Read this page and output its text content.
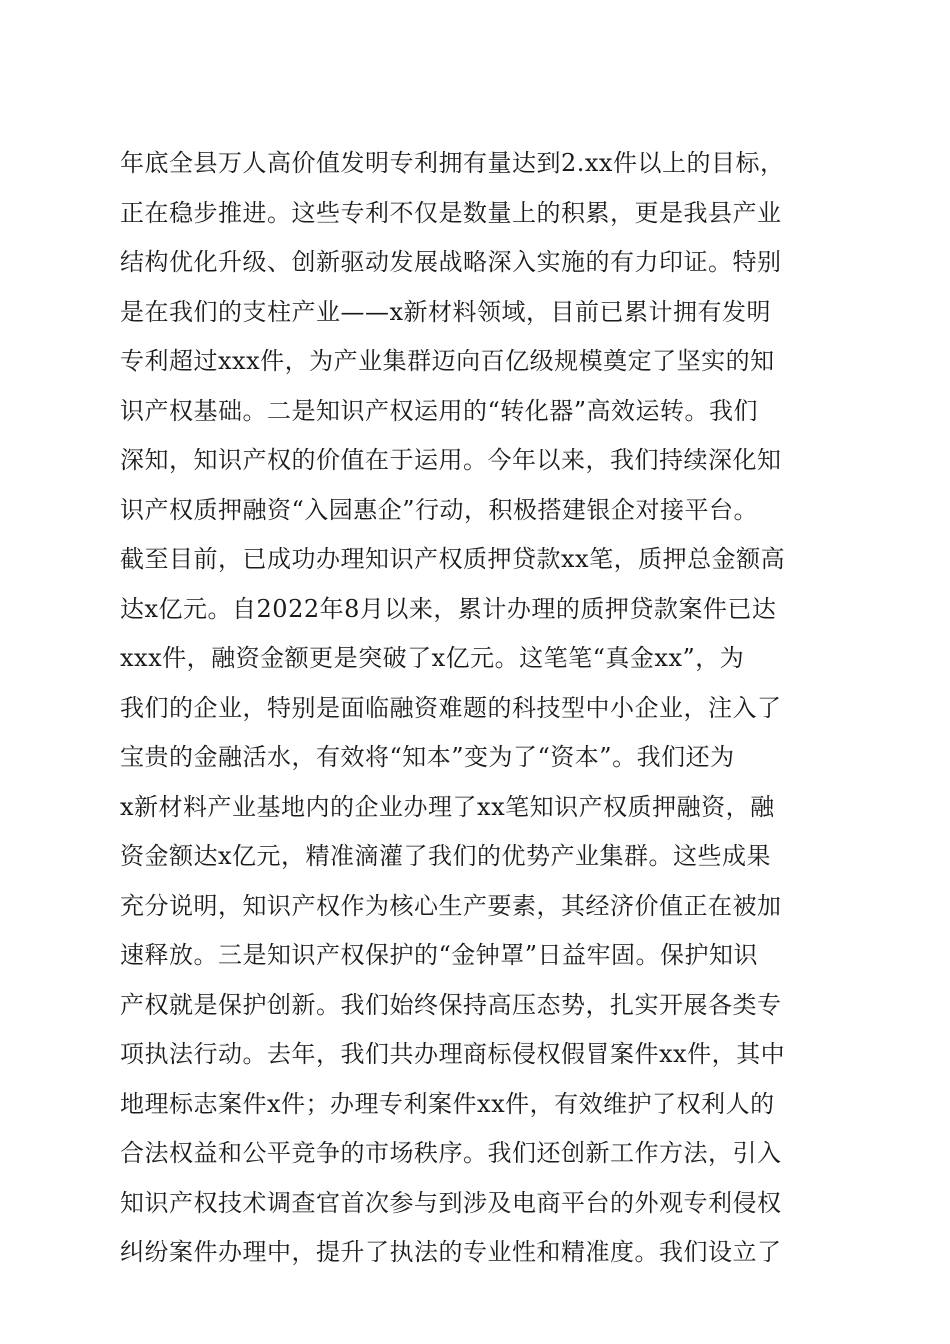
年底全县万人高价值发明专利拥有量达到2.xx件以上的目标，
正在稳步推进。这些专利不仅是数量上的积累，更是我县产业
结构优化升级、创新驱动发展战略深入实施的有力印证。特别
是在我们的支柱产业——x新材料领域，目前已累计拥有发明
专利超过xxx件，为产业集群迈向百亿级规模奠定了坚实的知
识产权基础。二是知识产权运用的“转化器”高效运转。我们
深知，知识产权的价值在于运用。今年以来，我们持续深化知
识产权质押融资“入园惠企”行动，积极搭建银企对接平台。
截至目前，已成功办理知识产权质押贷款xx笔，质押总金额高
达x亿元。自2022年8月以来，累计办理的质押贷款案件已达
xxx件，融资金额更是突破了x亿元。这笔笔“真金xx”，为
我们的企业，特别是面临融资难题的科技型中小企业，注入了
宝贵的金融活水，有效将“知本”变为了“资本”。我们还为
x新材料产业基地内的企业办理了xx笔知识产权质押融资，融
资金额达x亿元，精准滴灌了我们的优势产业集群。这些成果
充分说明，知识产权作为核心生产要素，其经济价值正在被加
速释放。三是知识产权保护的“金钟罩”日益牢固。保护知识
产权就是保护创新。我们始终保持高压态势，扎实开展各类专
项执法行动。去年，我们共办理商标侵权假冒案件xx件，其中
地理标志案件x件；办理专利案件xx件，有效维护了权利人的
合法权益和公平竞争的市场秩序。我们还创新工作方法，引入
知识产权技术调查官首次参与到涉及电商平台的外观专利侵权
纠纷案件办理中，提升了执法的专业性和精准度。我们设立了
